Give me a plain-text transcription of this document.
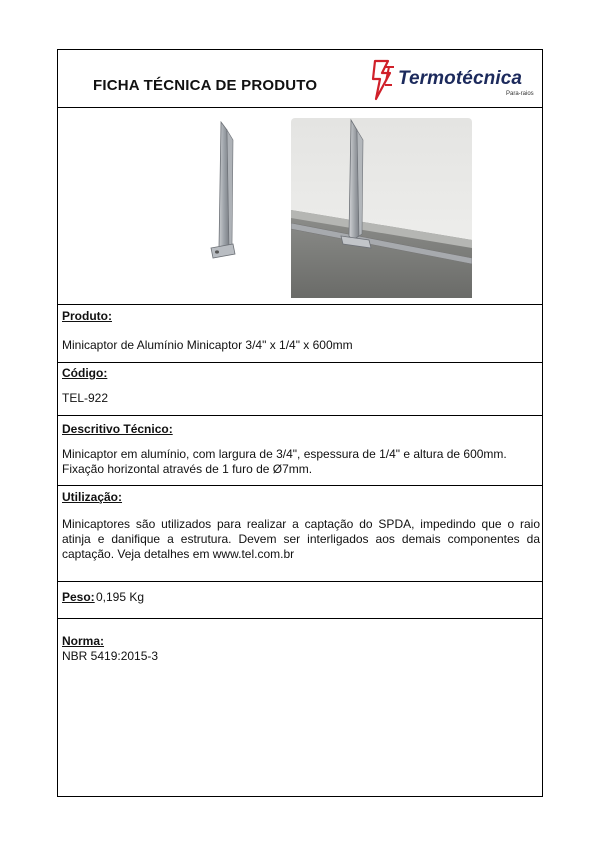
FICHA TÉCNICA DE PRODUTO	Termotécnica
Para-raios
Produto:
Minicaptor de Alumínio Minicaptor 3/4" x 1/4" x 600mm
Código:
TEL-922
Descritivo Técnico:
Minicaptor em alumínio, com largura de 3/4", espessura de 1/4" e altura de 600mm.
Fixação horizontal através de 1 furo de Ø7mm.
Utilização:
Minicaptores são utilizados para realizar a captação do SPDA, impedindo que o raio atinja e danifique a estrutura. Devem ser interligados aos demais componentes da captação. Veja detalhes em www.tel.com.br
Peso: 0,195 Kg
Norma:
NBR 5419:2015-3
